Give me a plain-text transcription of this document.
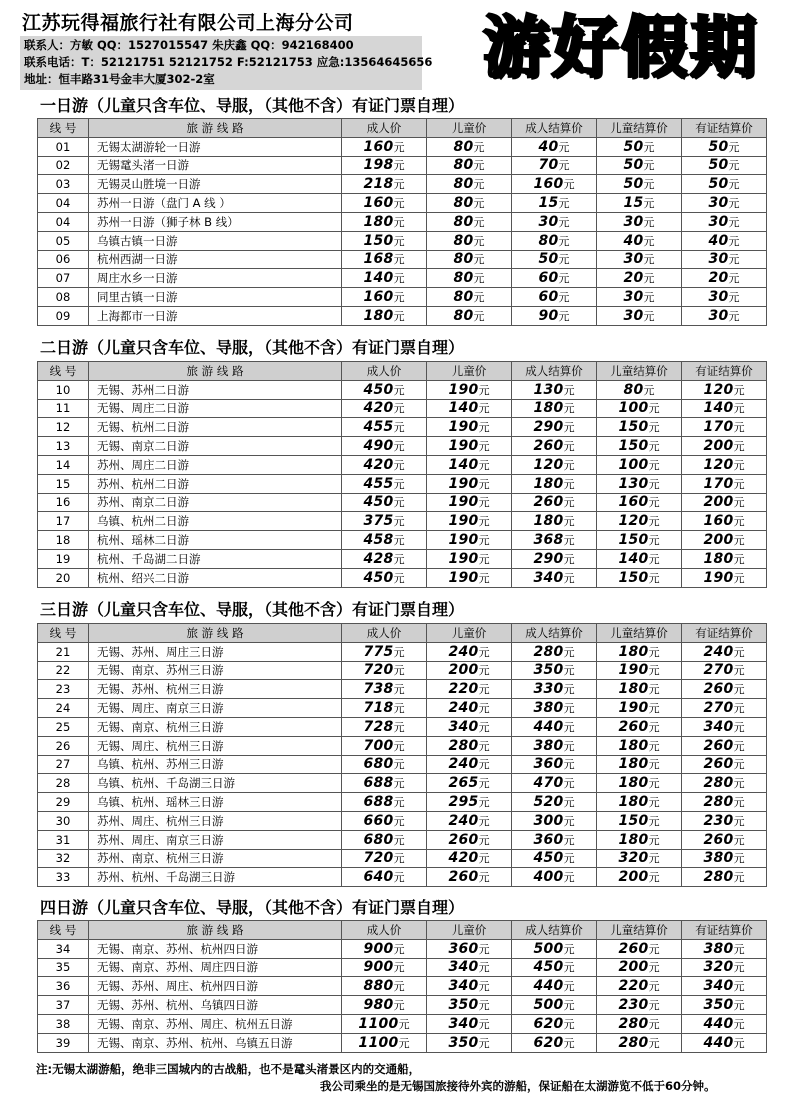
江苏玩得福旅行社有限公司上海分公司
联系人：方敏 QQ：1527015547 朱庆鑫 QQ：942168400
联系电话：T：52121751 52121752 F:52121753 应急:13564645656
地址：恒丰路31号金丰大厦302-2室	游好假期
一日游（儿童只含车位、导服，（其他不含）有证门票自理）
线 号	旅 游 线 路	成人价	儿童价	成人结算价	儿童结算价	有证结算价
01	无锡太湖游轮一日游	160元	80元	40元	50元	50元
02	无锡鼋头渚一日游	198元	80元	70元	50元	50元
03	无锡灵山胜境一日游	218元	80元	160元	50元	50元
04	苏州一日游（盘门 A 线 ）	160元	80元	15元	15元	30元
04	苏州一日游（狮子林 B 线）	180元	80元	30元	30元	30元
05	乌镇古镇一日游	150元	80元	80元	40元	40元
06	杭州西湖一日游	168元	80元	50元	30元	30元
07	周庄水乡一日游	140元	80元	60元	20元	20元
08	同里古镇一日游	160元	80元	60元	30元	30元
09	上海都市一日游	180元	80元	90元	30元	30元
二日游（儿童只含车位、导服，（其他不含）有证门票自理）
线 号	旅 游 线 路	成人价	儿童价	成人结算价	儿童结算价	有证结算价
10	无锡、苏州二日游	450元	190元	130元	80元	120元
11	无锡、周庄二日游	420元	140元	180元	100元	140元
12	无锡、杭州二日游	455元	190元	290元	150元	170元
13	无锡、南京二日游	490元	190元	260元	150元	200元
14	苏州、周庄二日游	420元	140元	120元	100元	120元
15	苏州、杭州二日游	455元	190元	180元	130元	170元
16	苏州、南京二日游	450元	190元	260元	160元	200元
17	乌镇、杭州二日游	375元	190元	180元	120元	160元
18	杭州、瑶林二日游	458元	190元	368元	150元	200元
19	杭州、千岛湖二日游	428元	190元	290元	140元	180元
20	杭州、绍兴二日游	450元	190元	340元	150元	190元
三日游（儿童只含车位、导服，（其他不含）有证门票自理）
线 号	旅 游 线 路	成人价	儿童价	成人结算价	儿童结算价	有证结算价
21	无锡、苏州、周庄三日游	775元	240元	280元	180元	240元
22	无锡、南京、苏州三日游	720元	200元	350元	190元	270元
23	无锡、苏州、杭州三日游	738元	220元	330元	180元	260元
24	无锡、周庄、南京三日游	718元	240元	380元	190元	270元
25	无锡、南京、杭州三日游	728元	340元	440元	260元	340元
26	无锡、周庄、杭州三日游	700元	280元	380元	180元	260元
27	乌镇、杭州、苏州三日游	680元	240元	360元	180元	260元
28	乌镇、杭州、千岛湖三日游	688元	265元	470元	180元	280元
29	乌镇、杭州、瑶林三日游	688元	295元	520元	180元	280元
30	苏州、周庄、杭州三日游	660元	240元	300元	150元	230元
31	苏州、周庄、南京三日游	680元	260元	360元	180元	260元
32	苏州、南京、杭州三日游	720元	420元	450元	320元	380元
33	苏州、杭州、千岛湖三日游	640元	260元	400元	200元	280元
四日游（儿童只含车位、导服，（其他不含）有证门票自理）
线 号	旅 游 线 路	成人价	儿童价	成人结算价	儿童结算价	有证结算价
34	无锡、南京、苏州、杭州四日游	900元	360元	500元	260元	380元
35	无锡、南京、苏州、周庄四日游	900元	340元	450元	200元	320元
36	无锡、苏州、周庄、杭州四日游	880元	340元	440元	220元	340元
37	无锡、苏州、杭州、乌镇四日游	980元	350元	500元	230元	350元
38	无锡、南京、苏州、周庄、杭州五日游	1100元	340元	620元	280元	440元
39	无锡、南京、苏州、杭州、乌镇五日游	1100元	350元	620元	280元	440元
注:无锡太湖游船，绝非三国城内的古战船，也不是鼋头渚景区内的交通船，
我公司乘坐的是无锡国旅接待外宾的游船，保证船在太湖游览不低于60分钟。
